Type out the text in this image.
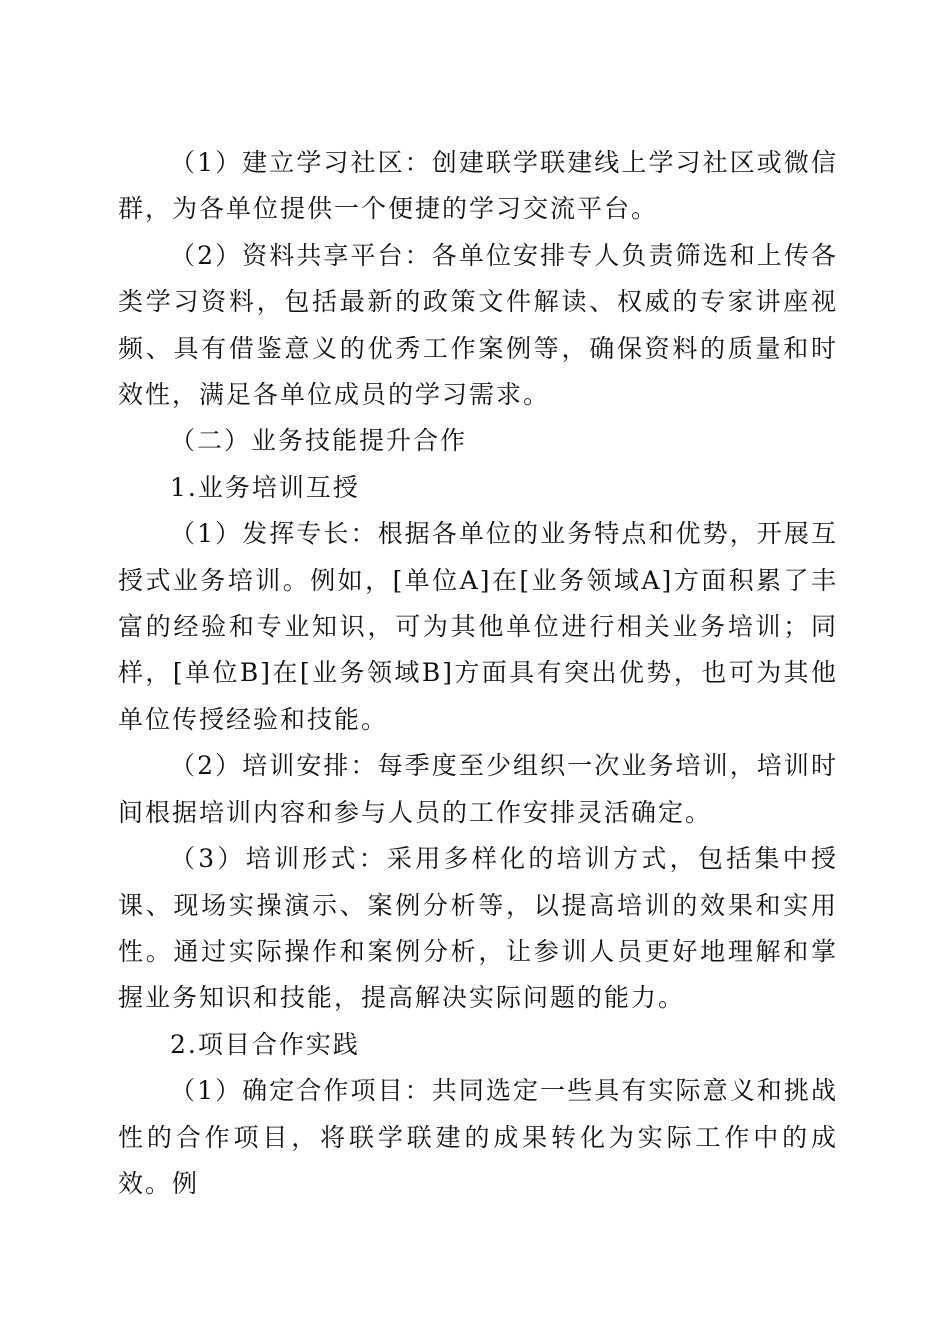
（1）建立学习社区：创建联学联建线上学习社区或微信群，为各单位提供一个便捷的学习交流平台。

（2）资料共享平台：各单位安排专人负责筛选和上传各类学习资料，包括最新的政策文件解读、权威的专家讲座视频、具有借鉴意义的优秀工作案例等，确保资料的质量和时效性，满足各单位成员的学习需求。

（二）业务技能提升合作

1.业务培训互授

（1）发挥专长：根据各单位的业务特点和优势，开展互授式业务培训。例如，[单位A]在[业务领域A]方面积累了丰富的经验和专业知识，可为其他单位进行相关业务培训；同样，[单位B]在[业务领域B]方面具有突出优势，也可为其他单位传授经验和技能。

（2）培训安排：每季度至少组织一次业务培训，培训时间根据培训内容和参与人员的工作安排灵活确定。

（3）培训形式：采用多样化的培训方式，包括集中授课、现场实操演示、案例分析等，以提高培训的效果和实用性。通过实际操作和案例分析，让参训人员更好地理解和掌握业务知识和技能，提高解决实际问题的能力。

2.项目合作实践

（1）确定合作项目：共同选定一些具有实际意义和挑战性的合作项目，将联学联建的成果转化为实际工作中的成效。例
